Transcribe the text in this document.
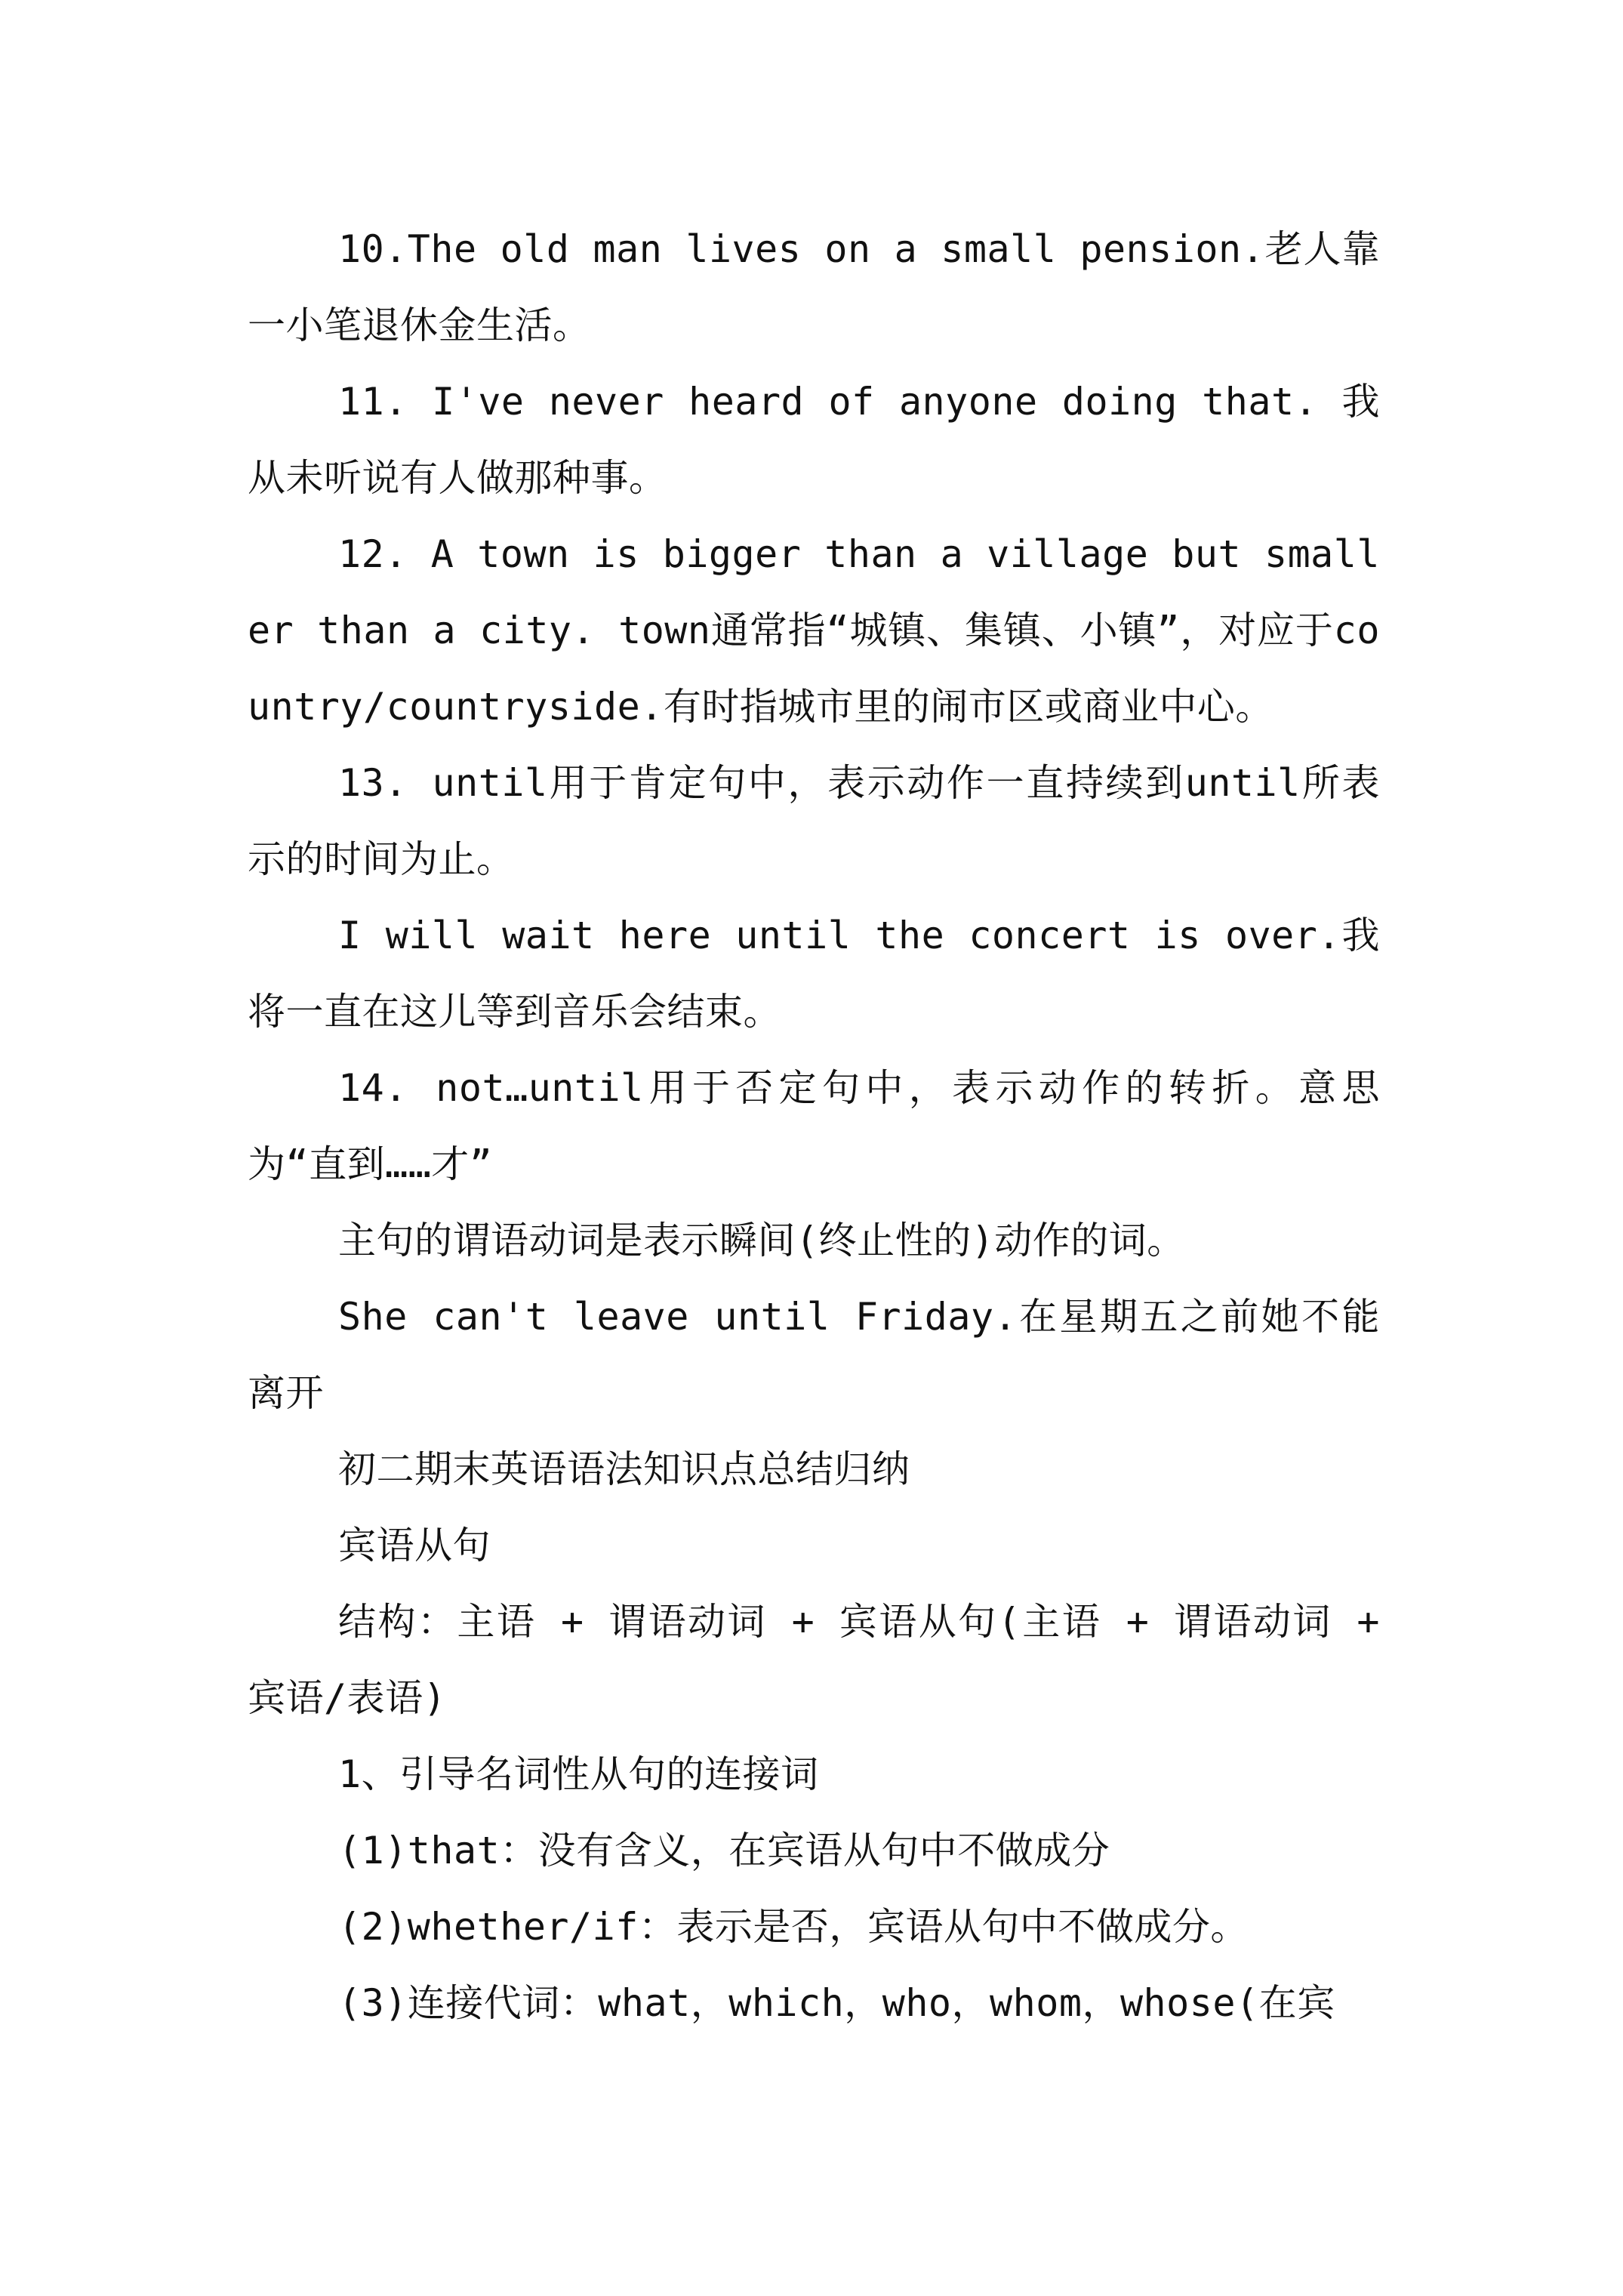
10.The old man lives on a small pension.老人靠一小笔退休金生活。

11. I've never heard of anyone doing that. 我从未听说有人做那种事。

12. A town is bigger than a village but smaller than a city. town通常指“城镇、集镇、小镇”，对应于country/countryside.有时指城市里的闹市区或商业中心。

13. until用于肯定句中，表示动作一直持续到until所表示的时间为止。

I will wait here until the concert is over.我将一直在这儿等到音乐会结束。

14. not…until用于否定句中，表示动作的转折。意思为“直到……才”

主句的谓语动词是表示瞬间(终止性的)动作的词。

She can't leave until Friday.在星期五之前她不能离开

初二期末英语语法知识点总结归纳

宾语从句

结构：主语 + 谓语动词 + 宾语从句(主语 + 谓语动词 + 宾语/表语)

1、引导名词性从句的连接词

(1)that：没有含义，在宾语从句中不做成分

(2)whether/if：表示是否，宾语从句中不做成分。

(3)连接代词：what，which，who，whom，whose(在宾
